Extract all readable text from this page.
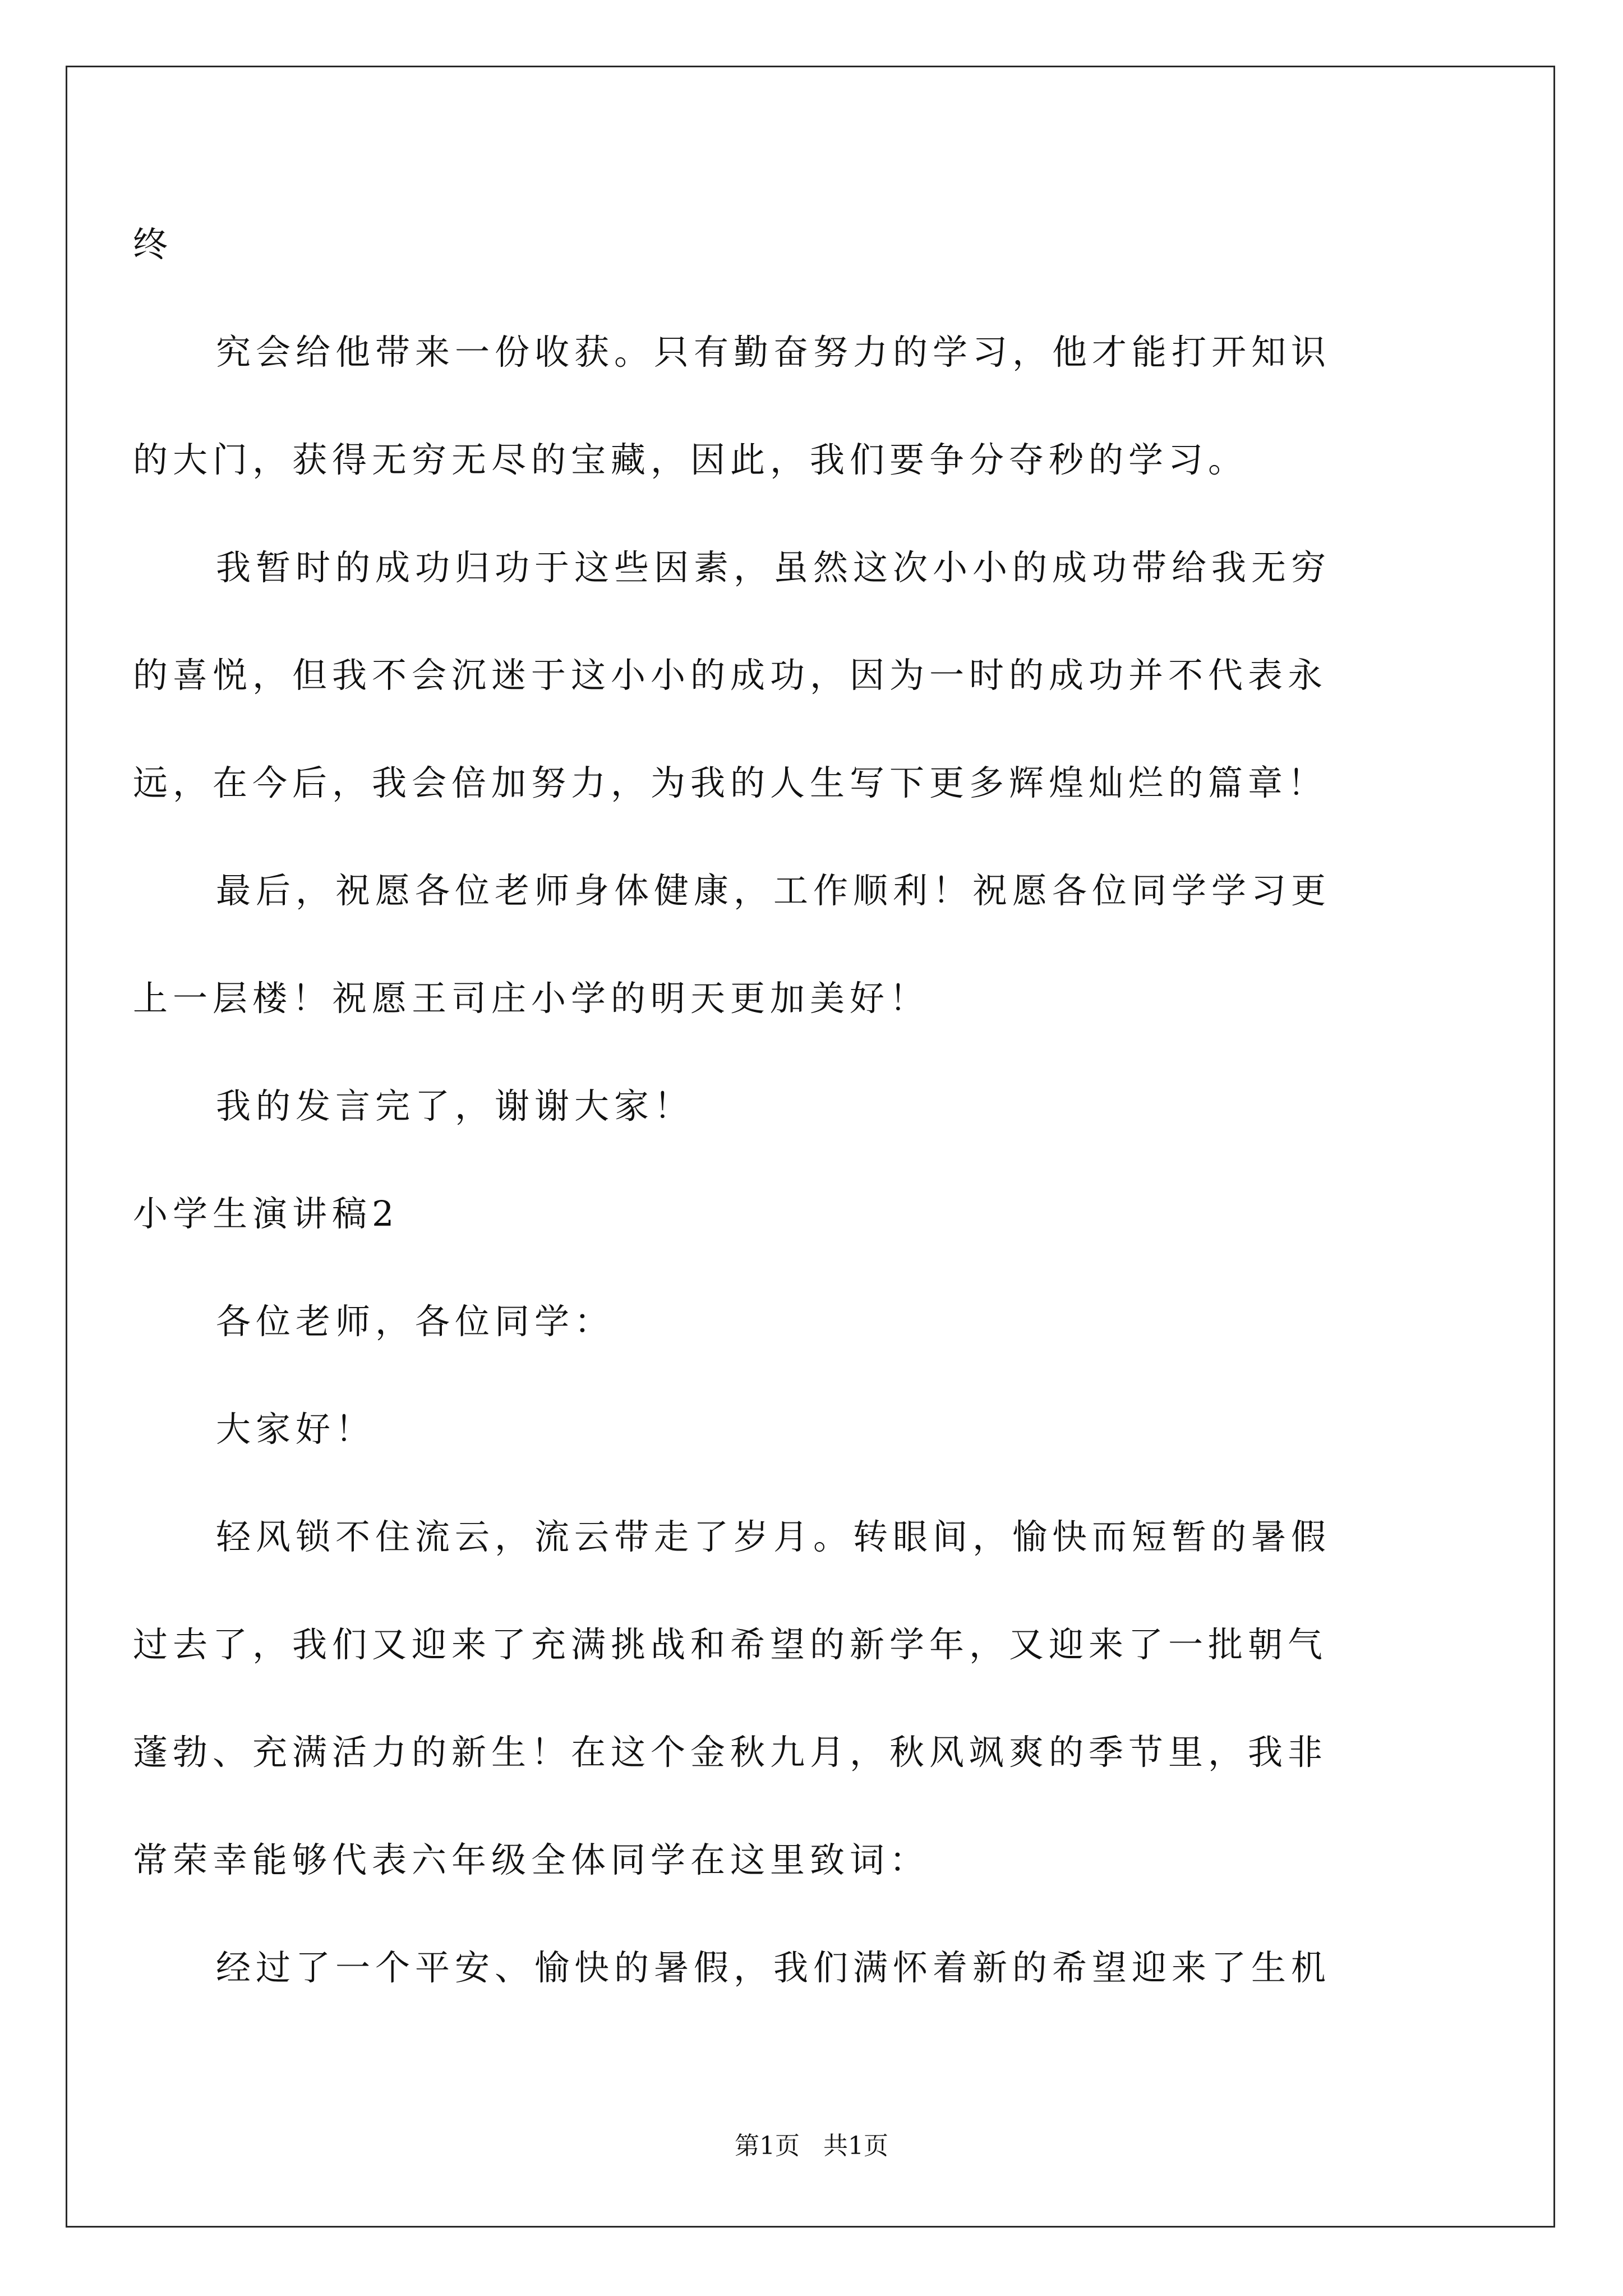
终
究会给他带来一份收获。只有勤奋努力的学习，他才能打开知识
的大门，获得无穷无尽的宝藏，因此，我们要争分夺秒的学习。
我暂时的成功归功于这些因素，虽然这次小小的成功带给我无穷
的喜悦，但我不会沉迷于这小小的成功，因为一时的成功并不代表永
远，在今后，我会倍加努力，为我的人生写下更多辉煌灿烂的篇章！
最后，祝愿各位老师身体健康，工作顺利！祝愿各位同学学习更
上一层楼！祝愿王司庄小学的明天更加美好！
我的发言完了，谢谢大家！
小学生演讲稿2
各位老师，各位同学：
大家好！
轻风锁不住流云，流云带走了岁月。转眼间，愉快而短暂的暑假
过去了，我们又迎来了充满挑战和希望的新学年，又迎来了一批朝气
蓬勃、充满活力的新生！在这个金秋九月，秋风飒爽的季节里，我非
常荣幸能够代表六年级全体同学在这里致词：
经过了一个平安、愉快的暑假，我们满怀着新的希望迎来了生机
第1页 共1页
